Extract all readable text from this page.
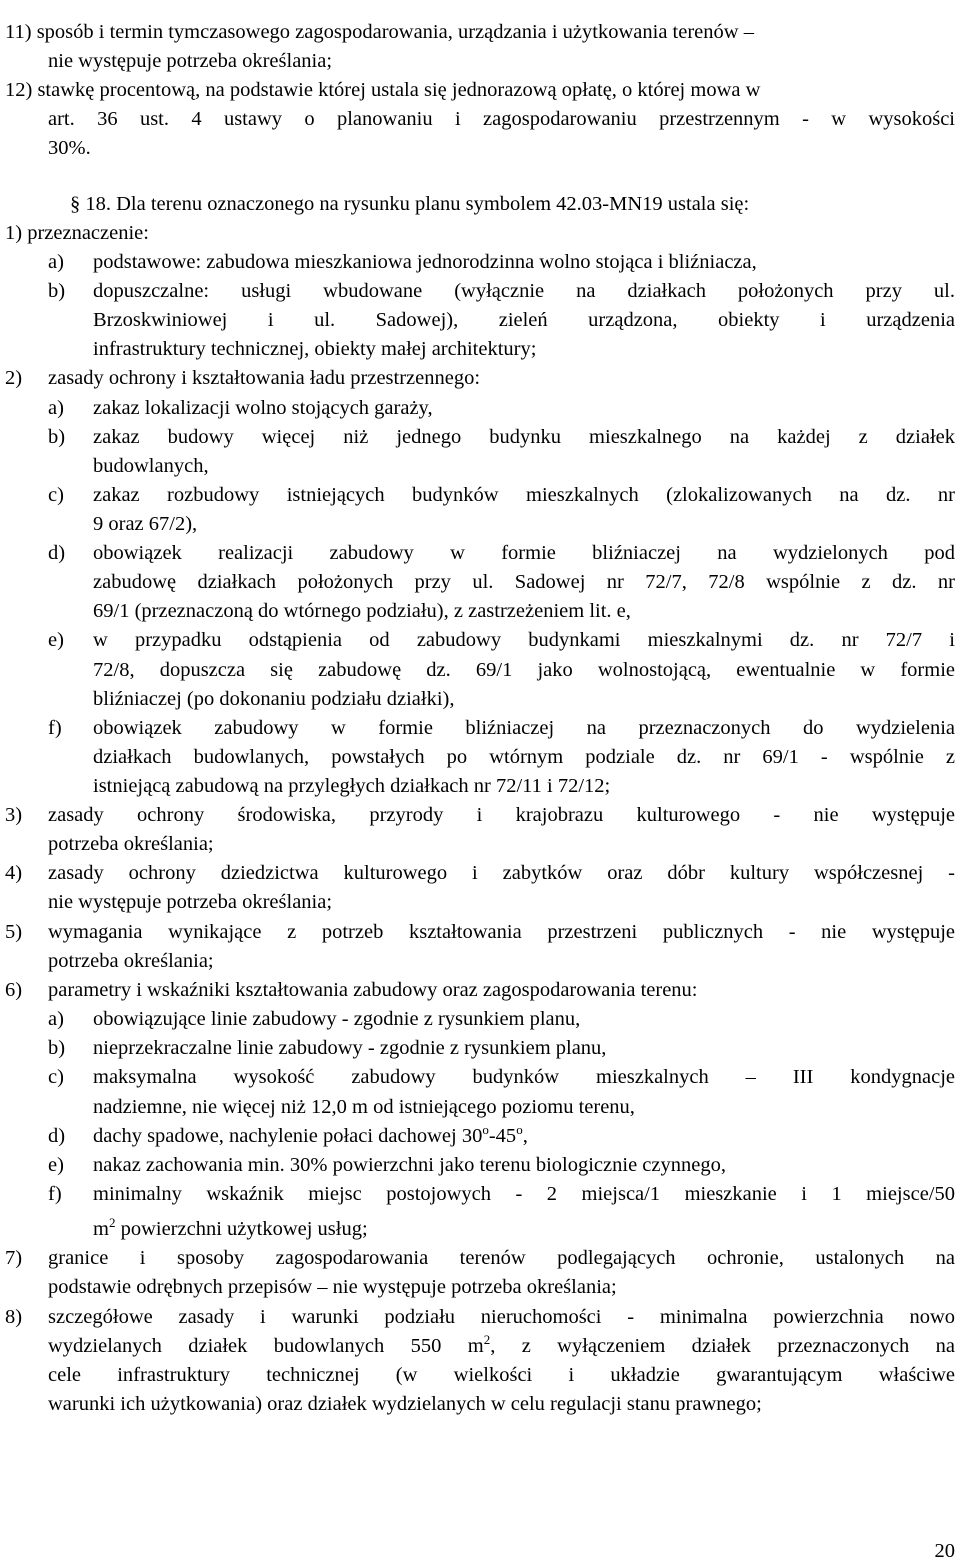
11) sposób i termin tymczasowego zagospodarowania, urządzania i użytkowania terenów –
nie występuje potrzeba określania;
12) stawkę procentową, na podstawie której ustala się jednorazową opłatę, o której mowa w
art. 36 ust. 4 ustawy o planowaniu i zagospodarowaniu przestrzennym - w wysokości
30%.
§ 18. Dla terenu oznaczonego na rysunku planu symbolem 42.03-MN19 ustala się:
1) przeznaczenie:
a) podstawowe: zabudowa mieszkaniowa jednorodzinna wolno stojąca i bliźniacza,
b) dopuszczalne: usługi wbudowane (wyłącznie na działkach położonych przy ul.
Brzoskwiniowej i ul. Sadowej), zieleń urządzona, obiekty i urządzenia
infrastruktury technicznej, obiekty małej architektury;
2) zasady ochrony i kształtowania ładu przestrzennego:
a) zakaz lokalizacji wolno stojących garaży,
b) zakaz budowy więcej niż jednego budynku mieszkalnego na każdej z działek
budowlanych,
c) zakaz rozbudowy istniejących budynków mieszkalnych (zlokalizowanych na dz. nr
9 oraz 67/2),
d) obowiązek realizacji zabudowy w formie bliźniaczej na wydzielonych pod
zabudowę działkach położonych przy ul. Sadowej nr 72/7, 72/8 wspólnie z dz. nr
69/1 (przeznaczoną do wtórnego podziału), z zastrzeżeniem lit. e,
e) w przypadku odstąpienia od zabudowy budynkami mieszkalnymi dz. nr 72/7 i
72/8, dopuszcza się zabudowę dz. 69/1 jako wolnostojącą, ewentualnie w formie
bliźniaczej (po dokonaniu podziału działki),
f) obowiązek zabudowy w formie bliźniaczej na przeznaczonych do wydzielenia
działkach budowlanych, powstałych po wtórnym podziale dz. nr 69/1 - wspólnie z
istniejącą zabudową na przyległych działkach nr 72/11 i 72/12;
3) zasady ochrony środowiska, przyrody i krajobrazu kulturowego - nie występuje
potrzeba określania;
4) zasady ochrony dziedzictwa kulturowego i zabytków oraz dóbr kultury współczesnej -
nie występuje potrzeba określania;
5) wymagania wynikające z potrzeb kształtowania przestrzeni publicznych - nie występuje
potrzeba określania;
6) parametry i wskaźniki kształtowania zabudowy oraz zagospodarowania terenu:
a) obowiązujące linie zabudowy - zgodnie z rysunkiem planu,
b) nieprzekraczalne linie zabudowy - zgodnie z rysunkiem planu,
c) maksymalna wysokość zabudowy budynków mieszkalnych – III kondygnacje
nadziemne, nie więcej niż 12,0 m od istniejącego poziomu terenu,
d) dachy spadowe, nachylenie połaci dachowej 30$^o$-45$^o$,
e) nakaz zachowania min. 30% powierzchni jako terenu biologicznie czynnego,
f) minimalny wskaźnik miejsc postojowych - 2 miejsca/1 mieszkanie i 1 miejsce/50
$m^2$ powierzchni użytkowej usług;
7) granice i sposoby zagospodarowania terenów podlegających ochronie, ustalonych na
podstawie odrębnych przepisów – nie występuje potrzeba określania;
8) szczegółowe zasady i warunki podziału nieruchomości - minimalna powierzchnia nowo
wydzielanych działek budowlanych 550 $m^2$, z wyłączeniem działek przeznaczonych na
cele infrastruktury technicznej (w wielkości i układzie gwarantującym właściwe
warunki ich użytkowania) oraz działek wydzielanych w celu regulacji stanu prawnego;
20
